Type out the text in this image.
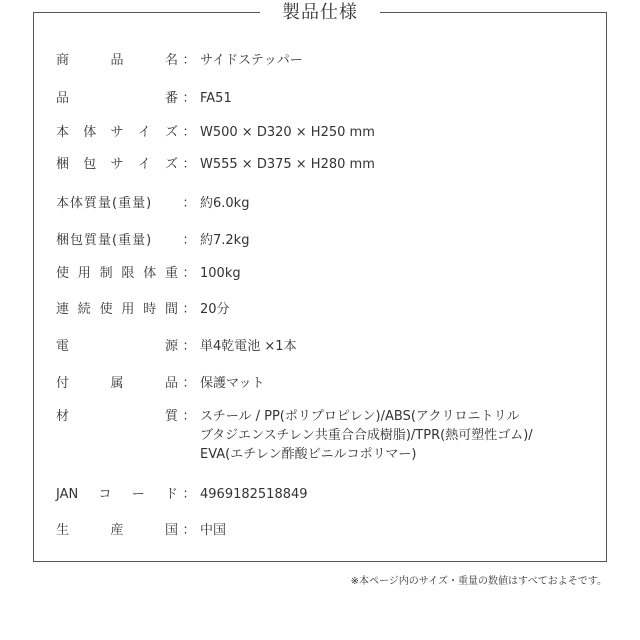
製品仕様
商	品	名 ： サイドステッパー
品	番 ： FA51
本 体 サ イ ズ ： W500 × D320 × H250 mm
梱 包 サ イ ズ ： W555 × D375 × H280 mm
本体質量(重量)	： 約6.0kg
梱包質量(重量)	： 約7.2kg
使 用 制 限 体 重 ： 100kg
連 続 使 用 時 間 ： 20分
電	源 ： 単4乾電池 ×1本
付	属	品 ： 保護マット
材	質 ： スチール / PP(ポリプロピレン)/ABS(アクリロニトリル
ブタジエンスチレン共重合合成樹脂)/TPR(熱可塑性ゴム)/
EVA(エチレン酢酸ビニルコポリマー)
JAN コ ー ド ： 4969182518849
生	産	国 ： 中国
※本ページ内のサイズ・重量の数値はすべておよそです。
